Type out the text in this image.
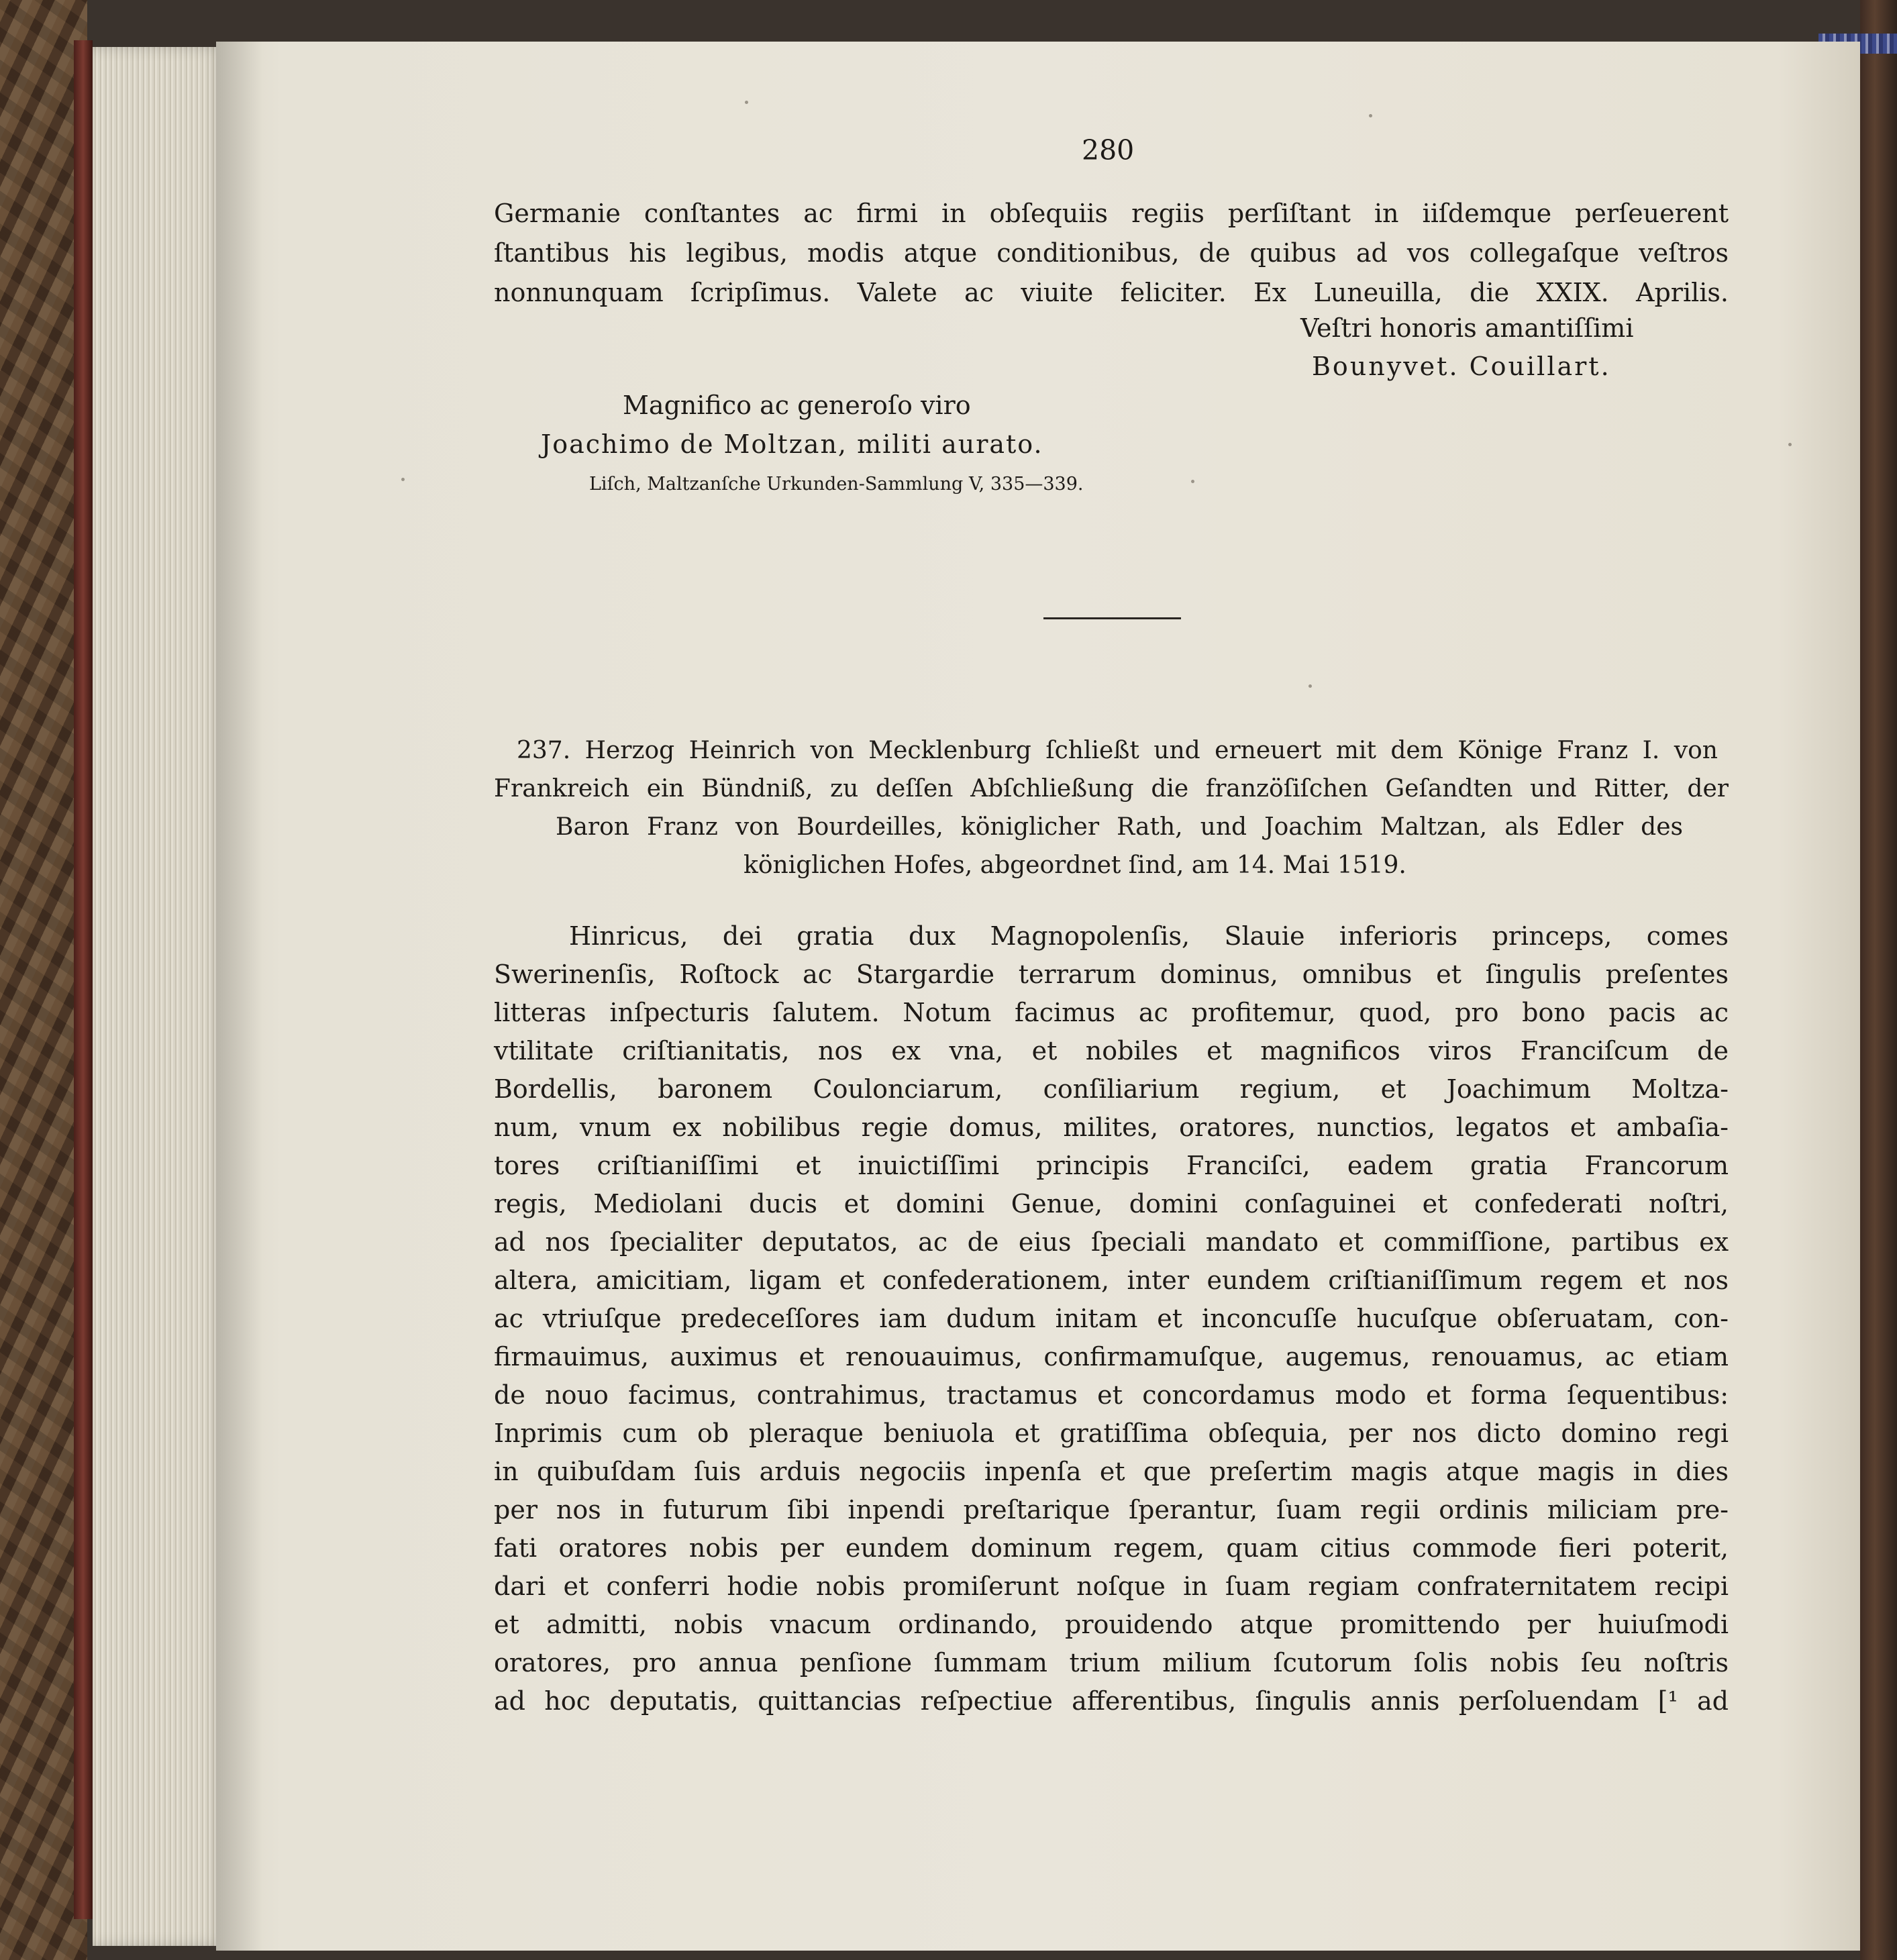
280

Germanie conſtantes ac firmi in obſequiis regiis perſiſtant in iiſdemque perſeuerent

ſtantibus his legibus, modis atque conditionibus, de quibus ad vos collegaſque veſtros

nonnunquam ſcripſimus. Valete ac viuite feliciter. Ex Luneuilla, die XXIX. Aprilis.

Veſtri honoris amantiſſimi

Bounyvet. Couillart.

Magnifico ac generoſo viro

Joachimo de Moltzan, militi aurato.

Liſch, Maltzanſche Urkunden-Sammlung V, 335—339.

237. Herzog Heinrich von Mecklenburg ſchließt und erneuert mit dem Könige Franz I. von

Frankreich ein Bündniß, zu deſſen Abſchließung die franzöſiſchen Geſandten und Ritter, der

Baron Franz von Bourdeilles, königlicher Rath, und Joachim Maltzan, als Edler des

königlichen Hofes, abgeordnet ſind, am 14. Mai 1519.

Hinricus, dei gratia dux Magnopolenſis, Slauie inferioris princeps, comes

Swerinenſis, Roſtock ac Stargardie terrarum dominus, omnibus et ſingulis preſentes

litteras inſpecturis ſalutem. Notum facimus ac profitemur, quod, pro bono pacis ac

vtilitate criſtianitatis, nos ex vna, et nobiles et magnificos viros Franciſcum de

Bordellis, baronem Coulonciarum, conſiliarium regium, et Joachimum Moltza-

num, vnum ex nobilibus regie domus, milites, oratores, nunctios, legatos et ambaſia-

tores criſtianiſſimi et inuictiſſimi principis Franciſci, eadem gratia Francorum

regis, Mediolani ducis et domini Genue, domini conſaguinei et confederati noſtri,

ad nos ſpecialiter deputatos, ac de eius ſpeciali mandato et commiſſione, partibus ex

altera, amicitiam, ligam et confederationem, inter eundem criſtianiſſimum regem et nos

ac vtriuſque predeceſſores iam dudum initam et inconcuſſe hucuſque obſeruatam, con-

firmauimus, auximus et renouauimus, confirmamuſque, augemus, renouamus, ac etiam

de nouo facimus, contrahimus, tractamus et concordamus modo et forma ſequentibus:

Inprimis cum ob pleraque beniuola et gratiſſima obſequia, per nos dicto domino regi

in quibuſdam ſuis arduis negociis inpenſa et que preſertim magis atque magis in dies

per nos in futurum ſibi inpendi preſtarique ſperantur, ſuam regii ordinis miliciam pre-

fati oratores nobis per eundem dominum regem, quam citius commode fieri poterit,

dari et conferri hodie nobis promiſerunt noſque in ſuam regiam confraternitatem recipi

et admitti, nobis vnacum ordinando, prouidendo atque promittendo per huiuſmodi

oratores, pro annua penſione ſummam trium milium ſcutorum ſolis nobis ſeu noſtris

ad hoc deputatis, quittancias reſpectiue afferentibus, ſingulis annis perſoluendam [¹ ad
